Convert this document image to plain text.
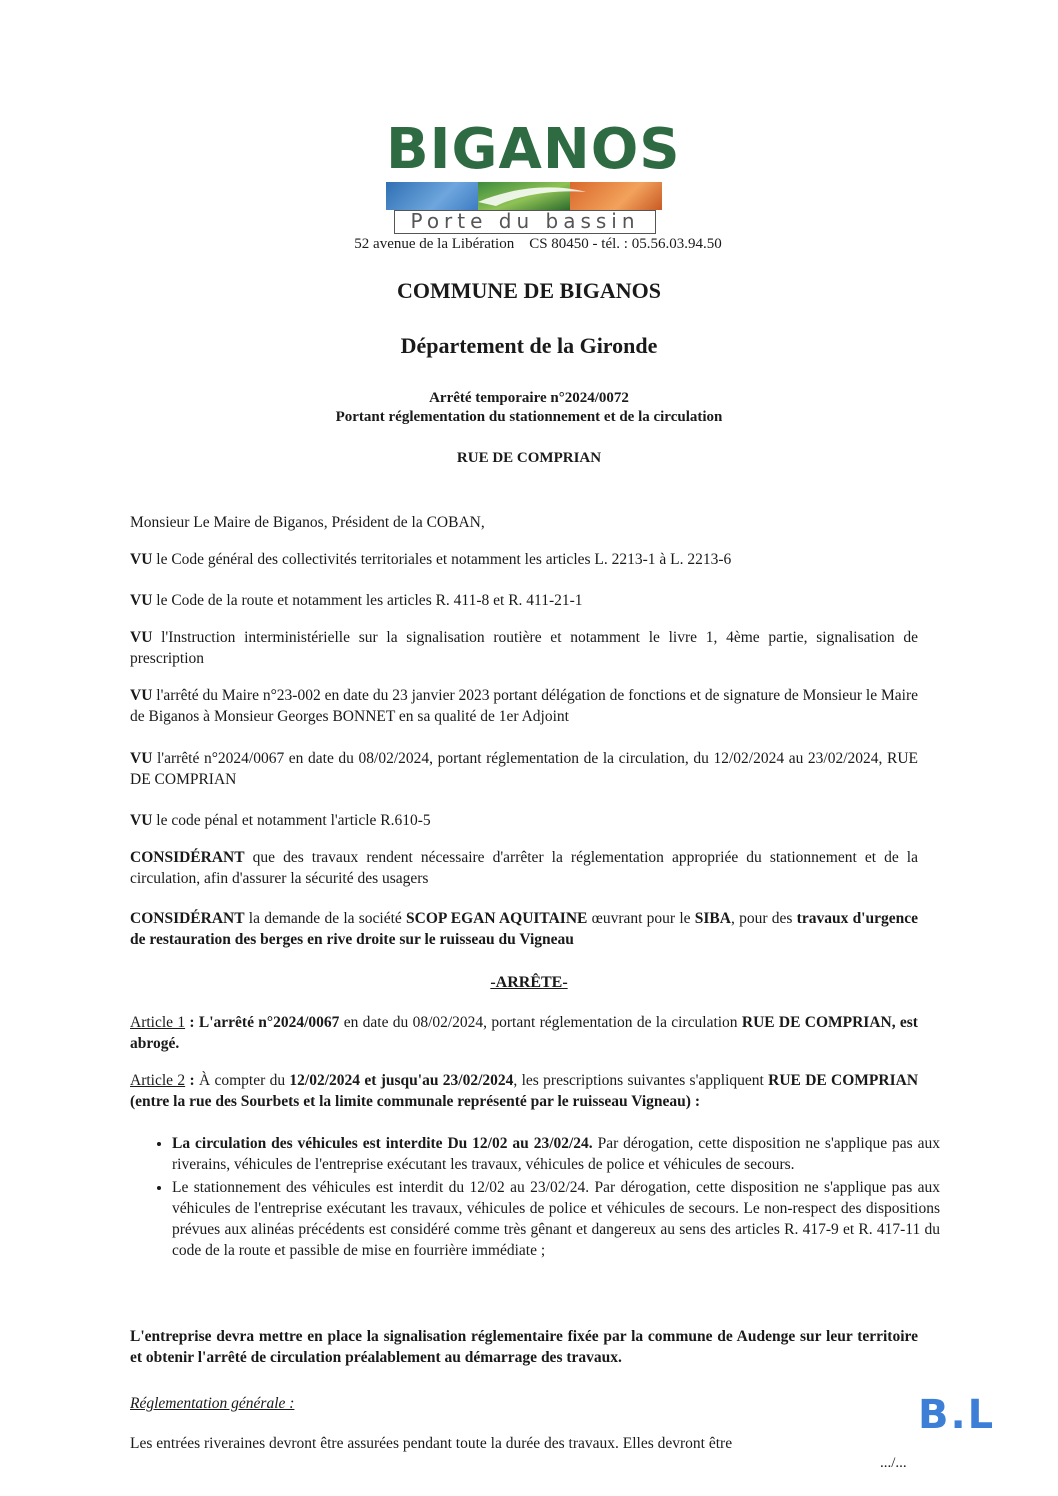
BIGANOS
Porte du bassin
52 avenue de la Libération    CS 80450 - tél. : 05.56.03.94.50
COMMUNE DE BIGANOS
Département de la Gironde
Arrêté temporaire n°2024/0072
Portant réglementation du stationnement et de la circulation
RUE DE COMPRIAN
Monsieur Le Maire de Biganos, Président de la COBAN,
VU le Code général des collectivités territoriales et notamment les articles L. 2213-1 à L. 2213-6
VU le Code de la route et notamment les articles R. 411-8 et R. 411-21-1
VU l'Instruction interministérielle sur la signalisation routière et notamment le livre 1, 4ème partie, signalisation de prescription
VU l'arrêté du Maire n°23-002 en date du 23 janvier 2023 portant délégation de fonctions et de signature de Monsieur le Maire de Biganos à Monsieur Georges BONNET en sa qualité de 1er Adjoint
VU l'arrêté n°2024/0067 en date du 08/02/2024, portant réglementation de la circulation, du 12/02/2024 au 23/02/2024, RUE DE COMPRIAN
VU le code pénal et notamment l'article R.610-5
CONSIDÉRANT que des travaux rendent nécessaire d'arrêter la réglementation appropriée du stationnement et de la circulation, afin d'assurer la sécurité des usagers
CONSIDÉRANT la demande de la société SCOP EGAN AQUITAINE œuvrant pour le SIBA, pour des travaux d'urgence de restauration des berges en rive droite sur le ruisseau du Vigneau
-ARRÊTE-
Article 1 : L'arrêté n°2024/0067 en date du 08/02/2024, portant réglementation de la circulation RUE DE COMPRIAN, est abrogé.
Article 2 : À compter du 12/02/2024 et jusqu'au 23/02/2024, les prescriptions suivantes s'appliquent RUE DE COMPRIAN (entre la rue des Sourbets et la limite communale représenté par le ruisseau Vigneau) :
• La circulation des véhicules est interdite Du 12/02 au 23/02/24. Par dérogation, cette disposition ne s'applique pas aux riverains, véhicules de l'entreprise exécutant les travaux, véhicules de police et véhicules de secours.
• Le stationnement des véhicules est interdit du 12/02 au 23/02/24. Par dérogation, cette disposition ne s'applique pas aux véhicules de l'entreprise exécutant les travaux, véhicules de police et véhicules de secours. Le non-respect des dispositions prévues aux alinéas précédents est considéré comme très gênant et dangereux au sens des articles R. 417-9 et R. 417-11 du code de la route et passible de mise en fourrière immédiate ;
L'entreprise devra mettre en place la signalisation réglementaire fixée par la commune de Audenge sur leur territoire et obtenir l'arrêté de circulation préalablement au démarrage des travaux.
Réglementation générale :	B.L
Les entrées riveraines devront être assurées pendant toute la durée des travaux. Elles devront être
.../...
